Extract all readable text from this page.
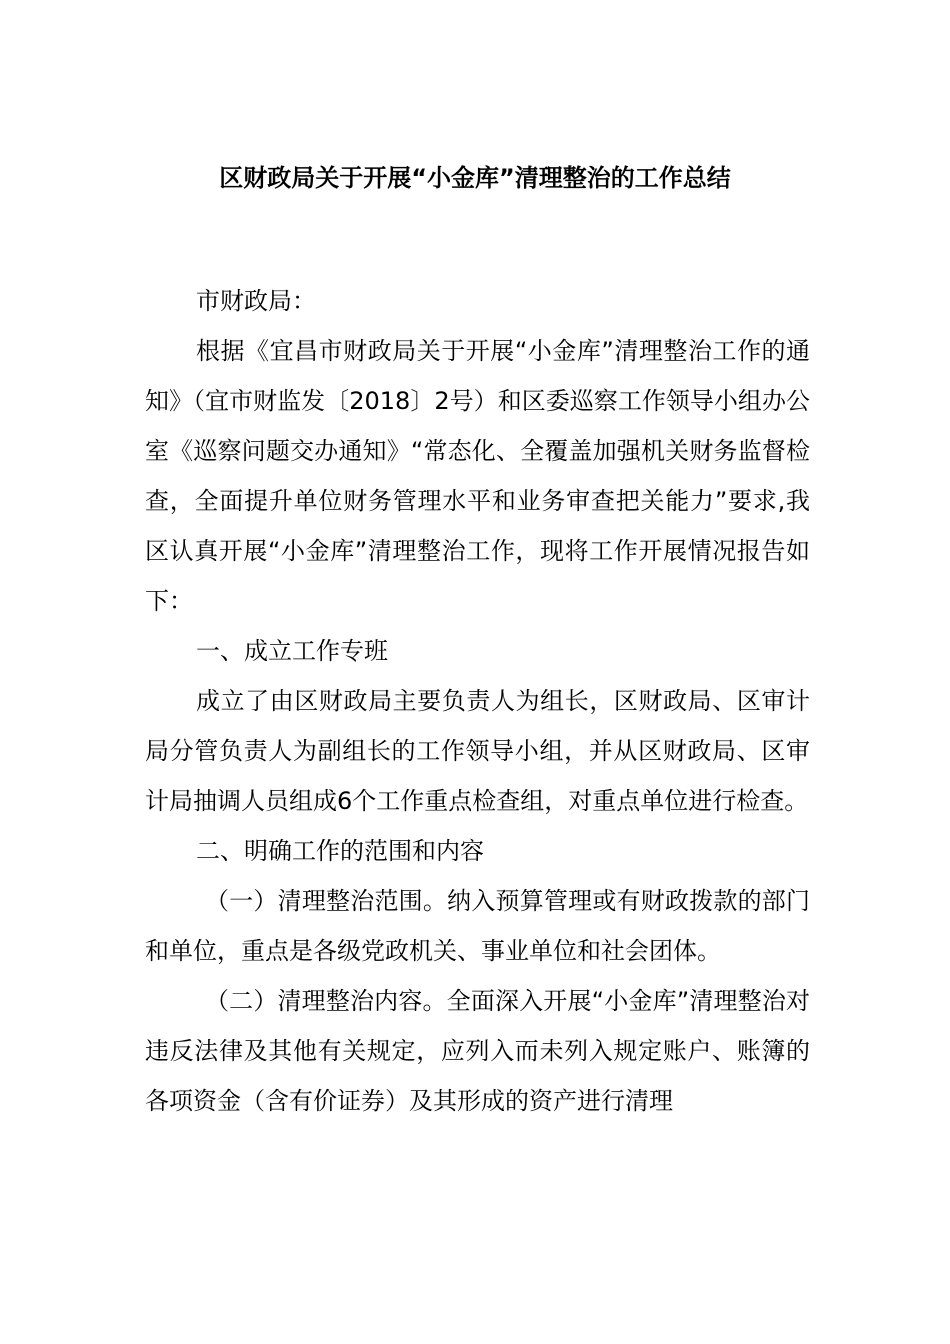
区财政局关于开展“小金库”清理整治的工作总结

市财政局：

根据《宜昌市财政局关于开展“小金库”清理整治工作的通知》（宜市财监发〔2018〕2号）和区委巡察工作领导小组办公室《巡察问题交办通知》“常态化、全覆盖加强机关财务监督检查，全面提升单位财务管理水平和业务审查把关能力”要求,我区认真开展“小金库”清理整治工作，现将工作开展情况报告如下：

一、成立工作专班

成立了由区财政局主要负责人为组长，区财政局、区审计局分管负责人为副组长的工作领导小组，并从区财政局、区审计局抽调人员组成6个工作重点检查组，对重点单位进行检查。

二、明确工作的范围和内容

（一）清理整治范围。纳入预算管理或有财政拨款的部门和单位，重点是各级党政机关、事业单位和社会团体。

（二）清理整治内容。全面深入开展“小金库”清理整治对违反法律及其他有关规定，应列入而未列入规定账户、账簿的各项资金（含有价证券）及其形成的资产进行清理
